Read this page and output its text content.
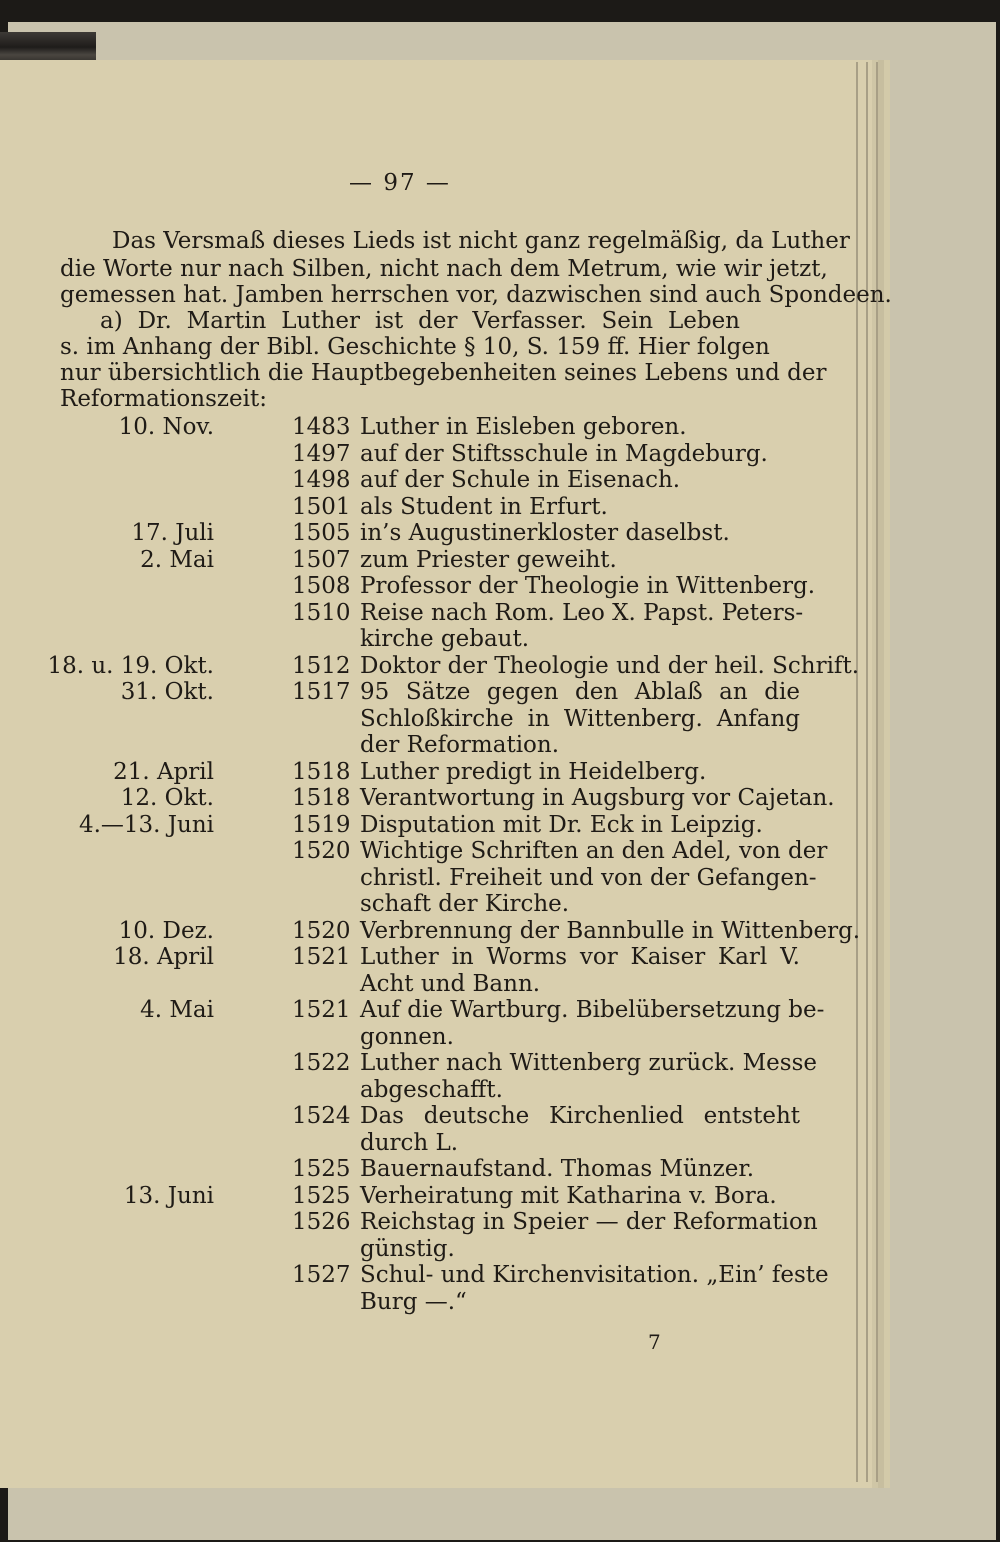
— 97 —
Das Versmaß dieses Lieds ist nicht ganz regelmäßig, da Luther
die Worte nur nach Silben, nicht nach dem Metrum, wie wir jetzt,
gemessen hat. Jamben herrschen vor, dazwischen sind auch Spondeen.
a) Dr. Martin Luther ist der Verfasser. Sein Leben
s. im Anhang der Bibl. Geschichte § 10, S. 159 ff. Hier folgen
nur übersichtlich die Hauptbegebenheiten seines Lebens und der
Reformationszeit:
10. Nov.	1483 Luther in Eisleben geboren.
1497 auf der Stiftsschule in Magdeburg.
1498 auf der Schule in Eisenach.
1501 als Student in Erfurt.
17. Juli	1505 in’s Augustinerkloster daselbst.
2. Mai	1507 zum Priester geweiht.
1508 Professor der Theologie in Wittenberg.
1510 Reise nach Rom. Leo X. Papst. Peters-
kirche gebaut.
18. u. 19. Okt.	1512 Doktor der Theologie und der heil. Schrift.
31. Okt.	1517 95 Sätze gegen den Ablaß an die
Schloßkirche in Wittenberg. Anfang
der Reformation.
21. April	1518 Luther predigt in Heidelberg.
12. Okt.	1518 Verantwortung in Augsburg vor Cajetan.
4.—13. Juni	1519 Disputation mit Dr. Eck in Leipzig.
1520 Wichtige Schriften an den Adel, von der
christl. Freiheit und von der Gefangen-
schaft der Kirche.
10. Dez.	1520 Verbrennung der Bannbulle in Wittenberg.
18. April	1521 Luther in Worms vor Kaiser Karl V.
Acht und Bann.
4. Mai	1521 Auf die Wartburg. Bibelübersetzung be-
gonnen.
1522 Luther nach Wittenberg zurück. Messe
abgeschafft.
1524 Das deutsche Kirchenlied entsteht
durch L.
1525 Bauernaufstand. Thomas Münzer.
13. Juni	1525 Verheiratung mit Katharina v. Bora.
1526 Reichstag in Speier — der Reformation
günstig.
1527 Schul- und Kirchenvisitation. „Ein’ feste
Burg —.“
7
